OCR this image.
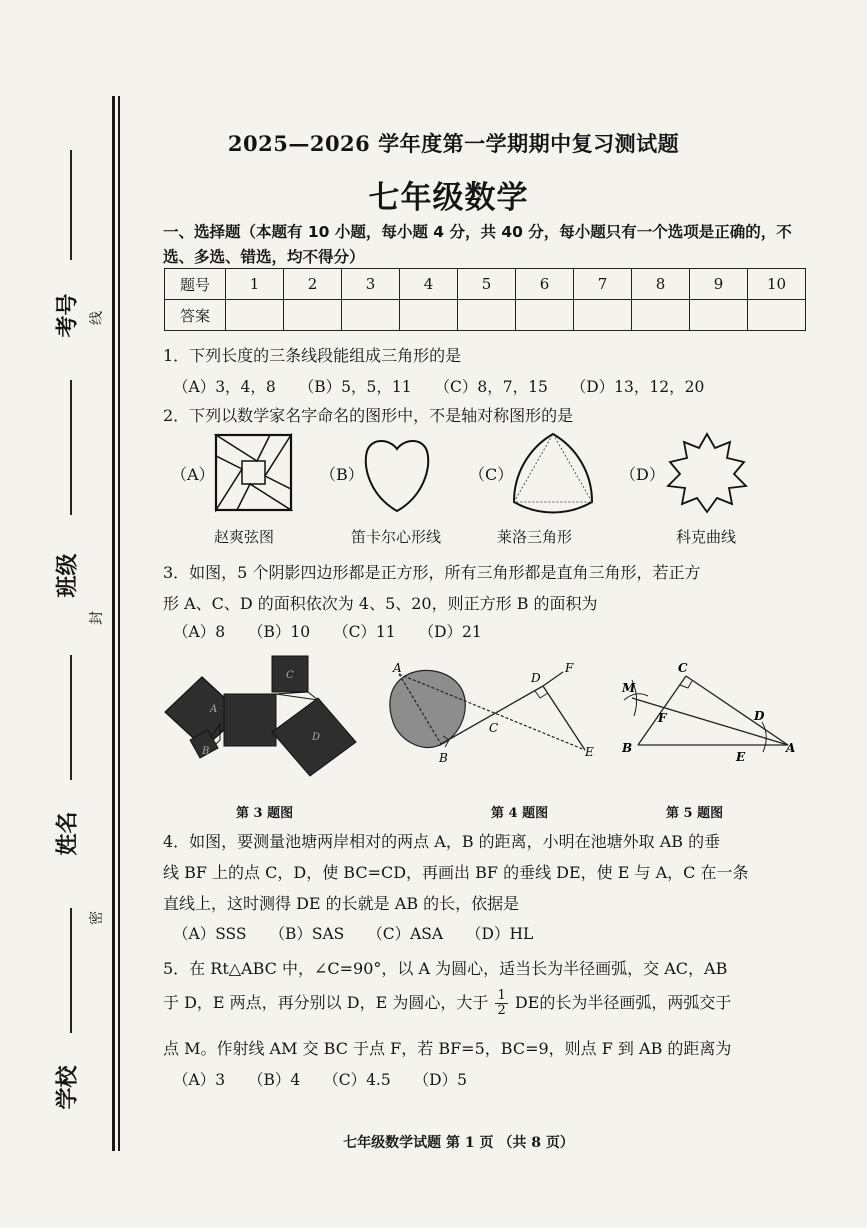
考号 线
班级
封
姓名
密
学校
2025—2026 学年度第一学期期中复习测试题
七年级数学
一、选择题（本题有 10 小题，每小题 4 分，共 40 分，每小题只有一个选项是正确的，不选、多选、错选，均不得分）
题号	1	2	3	4	5	6	7	8	9	10
答案										
1．下列长度的三条线段能组成三角形的是
（A）3，4，8 （B）5，5，11 （C）8，7，15 （D）13，12，20
2．下列以数学家名字命名的图形中，不是轴对称图形的是
（A）
赵爽弦图
（B）
笛卡尔心形线
（C）
莱洛三角形
（D）
科克曲线
3．如图，5 个阴影四边形都是正方形，所有三角形都是直角三角形，若正方
形 A、C、D 的面积依次为 4、5、20，则正方形 B 的面积为
（A）8 （B）10 （C）11 （D）21
A
B
C
D
A
B
C
D
E
F
M
C
F	D
B
E
A
第 3 题图	第 4 题图	第 5 题图
4．如图，要测量池塘两岸相对的两点 A，B 的距离，小明在池塘外取 AB 的垂
线 BF 上的点 C，D，使 BC=CD，再画出 BF 的垂线 DE，使 E 与 A，C 在一条
直线上，这时测得 DE 的长就是 AB 的长，依据是
（A）SSS （B）SAS （C）ASA （D）HL
5．在 Rt△ABC 中，∠C=90°，以 A 为圆心，适当长为半径画弧，交 AC，AB
于 D，E 两点，再分别以 D，E 为圆心，大于 $\frac{1}{2}$ DE的长为半径画弧，两弧交于
点 M。作射线 AM 交 BC 于点 F，若 BF=5，BC=9，则点 F 到 AB 的距离为
（A）3 （B）4 （C）4.5 （D）5
七年级数学试题 第 1 页 （共 8 页）
